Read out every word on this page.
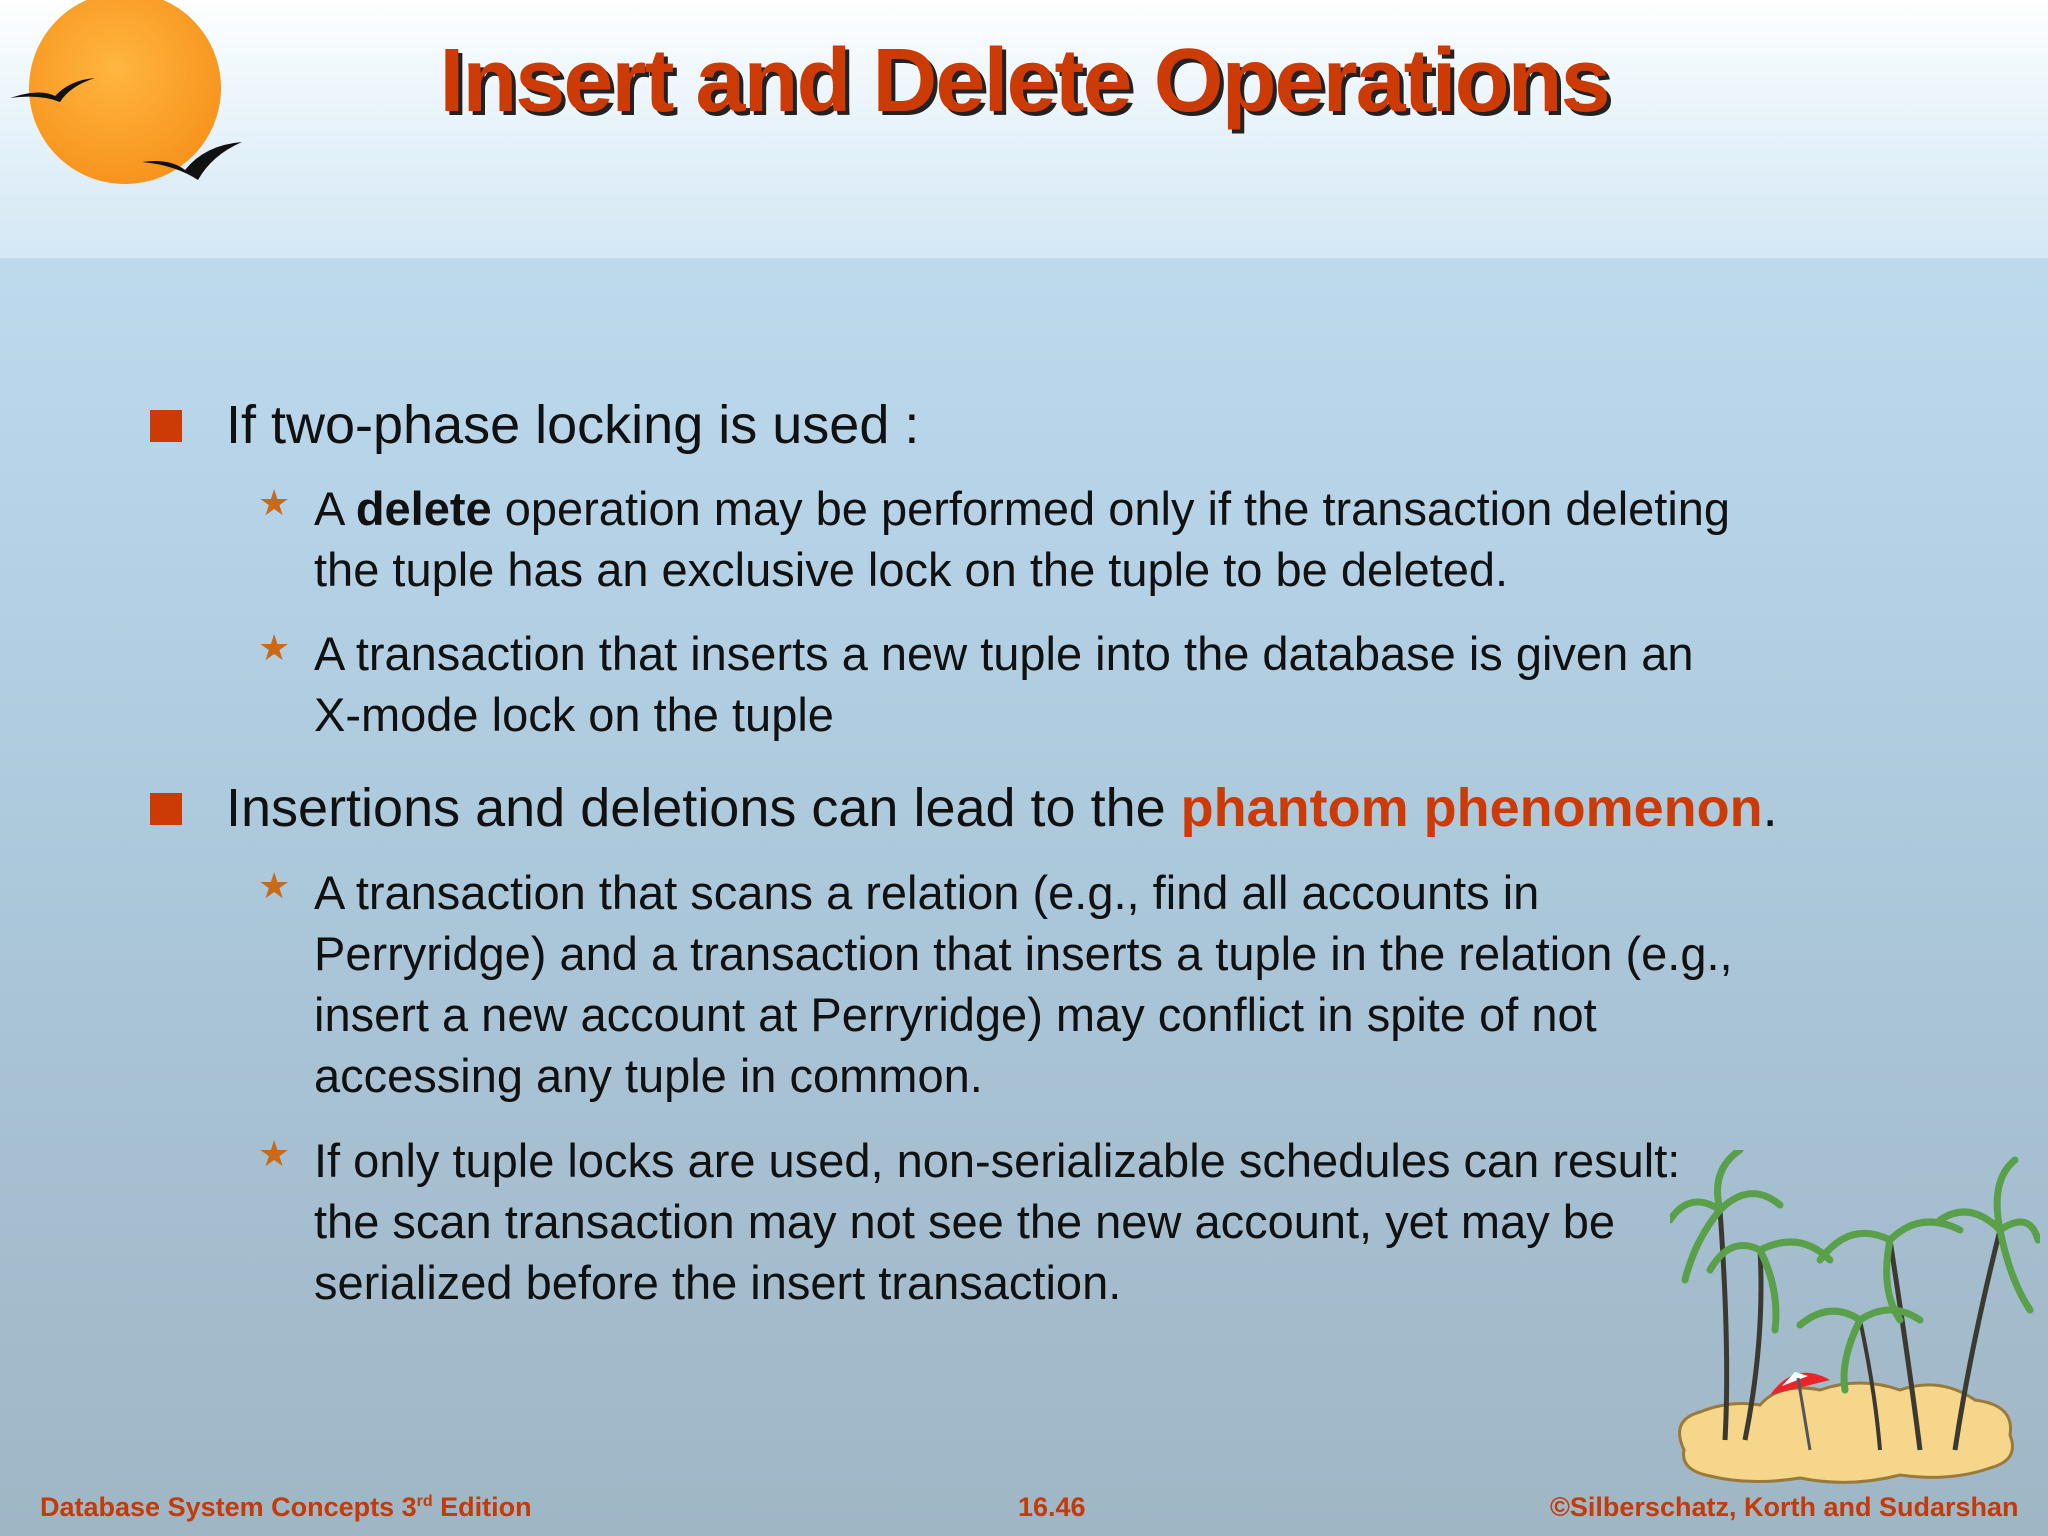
Insert and Delete Operations
If two-phase locking is used :
★ A delete operation may be performed only if the transaction deleting
the tuple has an exclusive lock on the tuple to be deleted.
★ A transaction that inserts a new tuple into the database is given an
X-mode lock on the tuple
Insertions and deletions can lead to the phantom phenomenon.
★ A transaction that scans a relation (e.g., find all accounts in
Perryridge) and a transaction that inserts a tuple in the relation (e.g.,
insert a new account at Perryridge) may conflict in spite of not
accessing any tuple in common.
★ If only tuple locks are used, non-serializable schedules can result:
the scan transaction may not see the new account, yet may be
serialized before the insert transaction.
Database System Concepts 3rd Edition	16.46	©Silberschatz, Korth and Sudarshan
